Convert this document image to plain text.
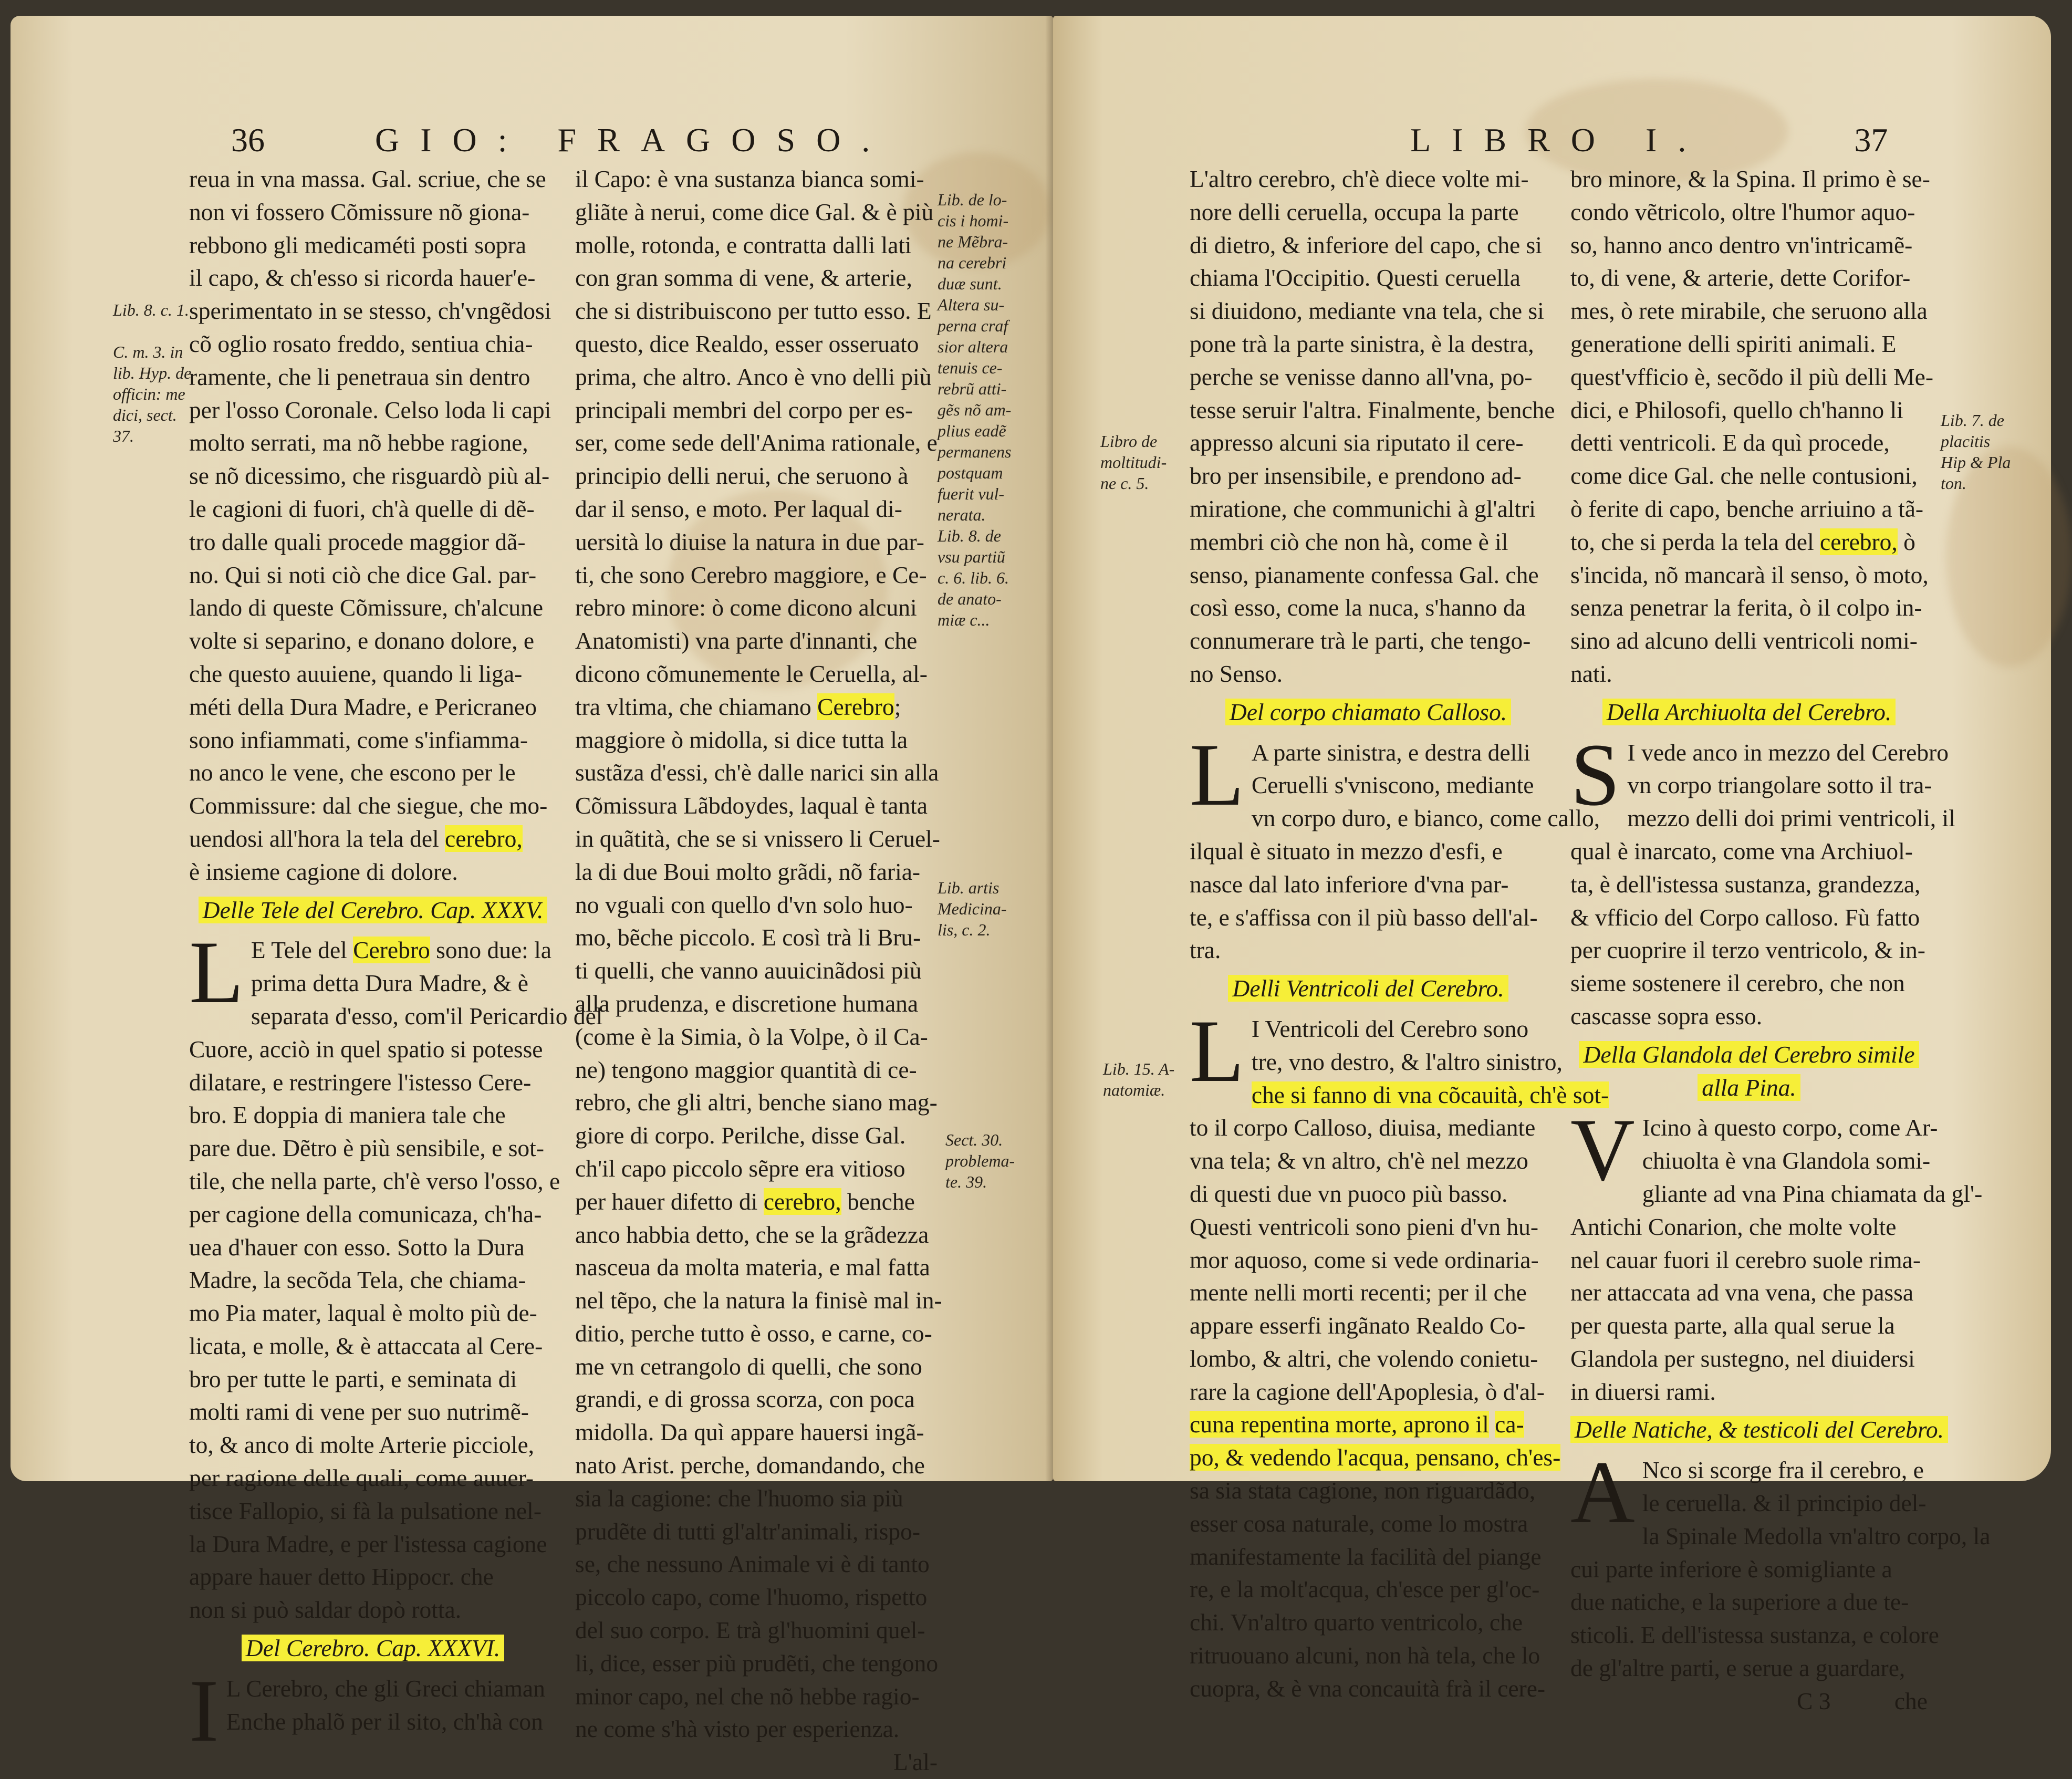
36	GIO: FRAGOSO.
reua in vna massa. Gal. scriue, che se
non vi fossero Cõmissure nõ giona-
rebbono gli medicaméti posti sopra
il capo, & ch'esso si ricorda hauer'e-
sperimentato in se stesso, ch'vngẽdosi
cõ oglio rosato freddo, sentiua chia-
ramente, che li penetraua sin dentro
per l'osso Coronale. Celso loda li capi
molto serrati, ma nõ hebbe ragione,
se nõ dicessimo, che risguardò più al-
le cagioni di fuori, ch'à quelle di dẽ-
tro dalle quali procede maggior dã-
no. Qui si noti ciò che dice Gal. par-
lando di queste Cõmissure, ch'alcune
volte si separino, e donano dolore, e
che questo auuiene, quando li liga-
méti della Dura Madre, e Pericraneo
sono infiammati, come s'infiamma-
no anco le vene, che escono per le
Commissure: dal che siegue, che mo-
uendosi all'hora la tela del cerebro,
è insieme cagione di dolore.
Delle Tele del Cerebro. Cap. XXXV.
L E Tele del Cerebro sono due: la
prima detta Dura Madre, & è
separata d'esso, com'il Pericardio del
Cuore, acciò in quel spatio si potesse
dilatare, e restringere l'istesso Cere-
bro. E doppia di maniera tale che
pare due. Dẽtro è più sensibile, e sot-
tile, che nella parte, ch'è verso l'osso, e
per cagione della comunicaza, ch'ha-
uea d'hauer con esso. Sotto la Dura
Madre, la secõda Tela, che chiama-
mo Pia mater, laqual è molto più de-
licata, e molle, & è attaccata al Cere-
bro per tutte le parti, e seminata di
molti rami di vene per suo nutrimẽ-
to, & anco di molte Arterie picciole,
per ragione delle quali, come auuer-
tisce Fallopio, si fà la pulsatione nel-
la Dura Madre, e per l'istessa cagione
appare hauer detto Hippocr. che
non si può saldar dopò rotta.
Del Cerebro. Cap. XXXVI.
I L Cerebro, che gli Greci chiaman
Enche phalõ per il sito, ch'hà con
il Capo: è vna sustanza bianca somi-
gliãte à nerui, come dice Gal. & è più
molle, rotonda, e contratta dalli lati
con gran somma di vene, & arterie,
che si distribuiscono per tutto esso. E
questo, dice Realdo, esser osseruato
prima, che altro. Anco è vno delli più
principali membri del corpo per es-
ser, come sede dell'Anima rationale, e
principio delli nerui, che seruono à
dar il senso, e moto. Per laqual di-
uersità lo diuise la natura in due par-
ti, che sono Cerebro maggiore, e Ce-
rebro minore: ò come dicono alcuni
Anatomisti) vna parte d'innanti, che
dicono cõmunemente le Ceruella, al-
tra vltima, che chiamano Cerebro;
maggiore ò midolla, si dice tutta la
sustãza d'essi, ch'è dalle narici sin alla
Cõmissura Lãbdoydes, laqual è tanta
in quãtità, che se si vnissero li Ceruel-
la di due Boui molto grãdi, nõ faria-
no vguali con quello d'vn solo huo-
mo, bẽche piccolo. E così trà li Bru-
ti quelli, che vanno auuicinãdosi più
alla prudenza, e discretione humana
(come è la Simia, ò la Volpe, ò il Ca-
ne) tengono maggior quantità di ce-
rebro, che gli altri, benche siano mag-
giore di corpo. Perilche, disse Gal.
ch'il capo piccolo sẽpre era vitioso
per hauer difetto di cerebro, benche
anco habbia detto, che se la grãdezza
nasceua da molta materia, e mal fatta
nel tẽpo, che la natura la finisè mal in-
ditio, perche tutto è osso, e carne, co-
me vn cetrangolo di quelli, che sono
grandi, e di grossa scorza, con poca
midolla. Da quì appare hauersi ingã-
nato Arist. perche, domandando, che
sia la cagione: che l'huomo sia più
prudẽte di tutti gl'altr'animali, rispo-
se, che nessuno Animale vi è di tanto
piccolo capo, come l'huomo, rispetto
del suo corpo. E trà gl'huomini quel-
li, dice, esser più prudẽti, che tengono
minor capo, nel che nõ hebbe ragio-
ne come s'hà visto per esperienza.
L'al-
Lib. 8. c. 1.
C. m. 3. in
lib. Hyp. de
officin: me
dici, sect.
37.
Lib. de lo-
cis i homi-
ne Mẽbra-
na cerebri
duæ sunt.
Altera su-
perna craf
sior altera
tenuis ce-
rebrũ atti-
gẽs nõ am-
plius eadẽ
permanens
postquam
fuerit vul-
nerata.
Lib. 8. de
vsu partiũ
c. 6. lib. 6.
de anato-
miæ c...
Lib. artis
Medicina-
lis, c. 2.
Sect. 30.
problema-
te. 39.
LIBRO I.	37
L'altro cerebro, ch'è diece volte mi-
nore delli ceruella, occupa la parte
di dietro, & inferiore del capo, che si
chiama l'Occipitio. Questi ceruella
si diuidono, mediante vna tela, che si
pone trà la parte sinistra, è la destra,
perche se venisse danno all'vna, po-
tesse seruir l'altra. Finalmente, benche
appresso alcuni sia riputato il cere-
bro per insensibile, e prendono ad-
miratione, che communichi à gl'altri
membri ciò che non hà, come è il
senso, pianamente confessa Gal. che
così esso, come la nuca, s'hanno da
connumerare trà le parti, che tengo-
no Senso.
Del corpo chiamato Calloso.
L A parte sinistra, e destra delli
Ceruelli s'vniscono, mediante
vn corpo duro, e bianco, come callo,
ilqual è situato in mezzo d'esfi, e
nasce dal lato inferiore d'vna par-
te, e s'affissa con il più basso dell'al-
tra.
Delli Ventricoli del Cerebro.
L I Ventricoli del Cerebro sono
tre, vno destro, & l'altro sinistro,
che si fanno di vna cõcauità, ch'è sot-
to il corpo Calloso, diuisa, mediante
vna tela; & vn altro, ch'è nel mezzo
di questi due vn puoco più basso.
Questi ventricoli sono pieni d'vn hu-
mor aquoso, come si vede ordinaria-
mente nelli morti recenti; per il che
appare esserfi ingãnato Realdo Co-
lombo, & altri, che volendo conietu-
rare la cagione dell'Apoplesia, ò d'al-
cuna repentina morte, aprono il ca-
po, & vedendo l'acqua, pensano, ch'es-
sa sia stata cagione, non riguardãdo,
esser cosa naturale, come lo mostra
manifestamente la facilità del piange
re, e la molt'acqua, ch'esce per gl'oc-
chi. Vn'altro quarto ventricolo, che
ritruouano alcuni, non hà tela, che lo
cuopra, & è vna concauità frà il cere-
bro minore, & la Spina. Il primo è se-
condo vẽtricolo, oltre l'humor aquo-
so, hanno anco dentro vn'intricamẽ-
to, di vene, & arterie, dette Corifor-
mes, ò rete mirabile, che seruono alla
generatione delli spiriti animali. E
quest'vfficio è, secõdo il più delli Me-
dici, e Philosofi, quello ch'hanno li
detti ventricoli. E da quì procede,
come dice Gal. che nelle contusioni,
ò ferite di capo, benche arriuino a tã-
to, che si perda la tela del cerebro, ò
s'incida, nõ mancarà il senso, ò moto,
senza penetrar la ferita, ò il colpo in-
sino ad alcuno delli ventricoli nomi-
nati.
Della Archiuolta del Cerebro.
S I vede anco in mezzo del Cerebro
vn corpo triangolare sotto il tra-
mezzo delli doi primi ventricoli, il
qual è inarcato, come vna Archiuol-
ta, è dell'istessa sustanza, grandezza,
& vfficio del Corpo calloso. Fù fatto
per cuoprire il terzo ventricolo, & in-
sieme sostenere il cerebro, che non
cascasse sopra esso.
Della Glandola del Cerebro simile
alla Pina.
V Icino à questo corpo, come Ar-
chiuolta è vna Glandola somi-
gliante ad vna Pina chiamata da gl'-
Antichi Conarion, che molte volte
nel cauar fuori il cerebro suole rima-
ner attaccata ad vna vena, che passa
per questa parte, alla qual serue la
Glandola per sustegno, nel diuidersi
in diuersi rami.
Delle Natiche, & testicoli del Cerebro.
A Nco si scorge fra il cerebro, e
le ceruella. & il principio del-
la Spinale Medolla vn'altro corpo, la
cui parte inferiore è somigliante a
due natiche, e la superiore a due te-
sticoli. E dell'istessa sustanza, e colore
de gl'altre parti, e serue a guardare,
C 3	che
Libro de
moltitudi-
ne c. 5.
Lib. 15. A-
natomiæ.
Lib. 7. de
placitis
Hip & Pla
ton.
